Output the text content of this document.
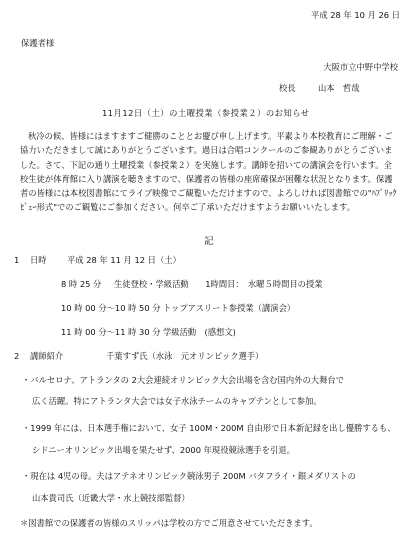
平成 28 年 10 月 26 日
保護者様
大阪市立中野中学校
校長	山本　哲哉
11月12日（土）の土曜授業（参授業２）のお知らせ

秋冷の候、皆様にはますますご健勝のこととお慶び申し上げます。平素より本校教育にご理解・ご

協力いただきまして誠にありがとうございます。過日は合唱コンクールのご参観ありがとうございま

した。さて、下記の通り土曜授業（参授業２）を実施します。講師を招いての講演会を行います。全

校生徒が体育館に入り講演を聴きますので、保護者の皆様の座席確保が困難な状況となります。保護

者の皆様には本校図書館にてライブ映像でご観覧いただけますので、よろしければ図書館での"ﾊﾌﾞﾘｯｸ

ﾋﾞｭｰ形式"でのご観覧にご参加ください。何卒ご了承いただけますようお願いいたします。

記
1 日時 平成 28 年 11 月 12 日（土）
8 時 25 分 生徒登校・学級活動　　1時間目：　水曜５時間目の授業
10 時 00 分～10 時 50 分 トップアスリート参授業（講演会）
11 時 00 分～11 時 30 分 学級活動　(感想文)
2 講師紹介	千葉すず氏（水泳　元オリンピック選手）
・バルセロナ、アトランタの 2大会連続オリンピック大会出場を含む国内外の大舞台で
広く活躍。特にアトランタ大会では女子水泳チームのキャプテンとして参加。
・1999 年には、日本選手権において、女子 100M・200M 自由形で日本新記録を出し優勝するも、
シドニーオリンピック出場を果たせず、2000 年現役競泳選手を引退。
・現在は 4児の母。夫はアテネオリンピック競泳男子 200M バタフライ・銀メダリストの
山本貴司氏（近畿大学・水上競技部監督）
＊図書館での保護者の皆様のスリッパは学校の方でご用意させていただきます。
